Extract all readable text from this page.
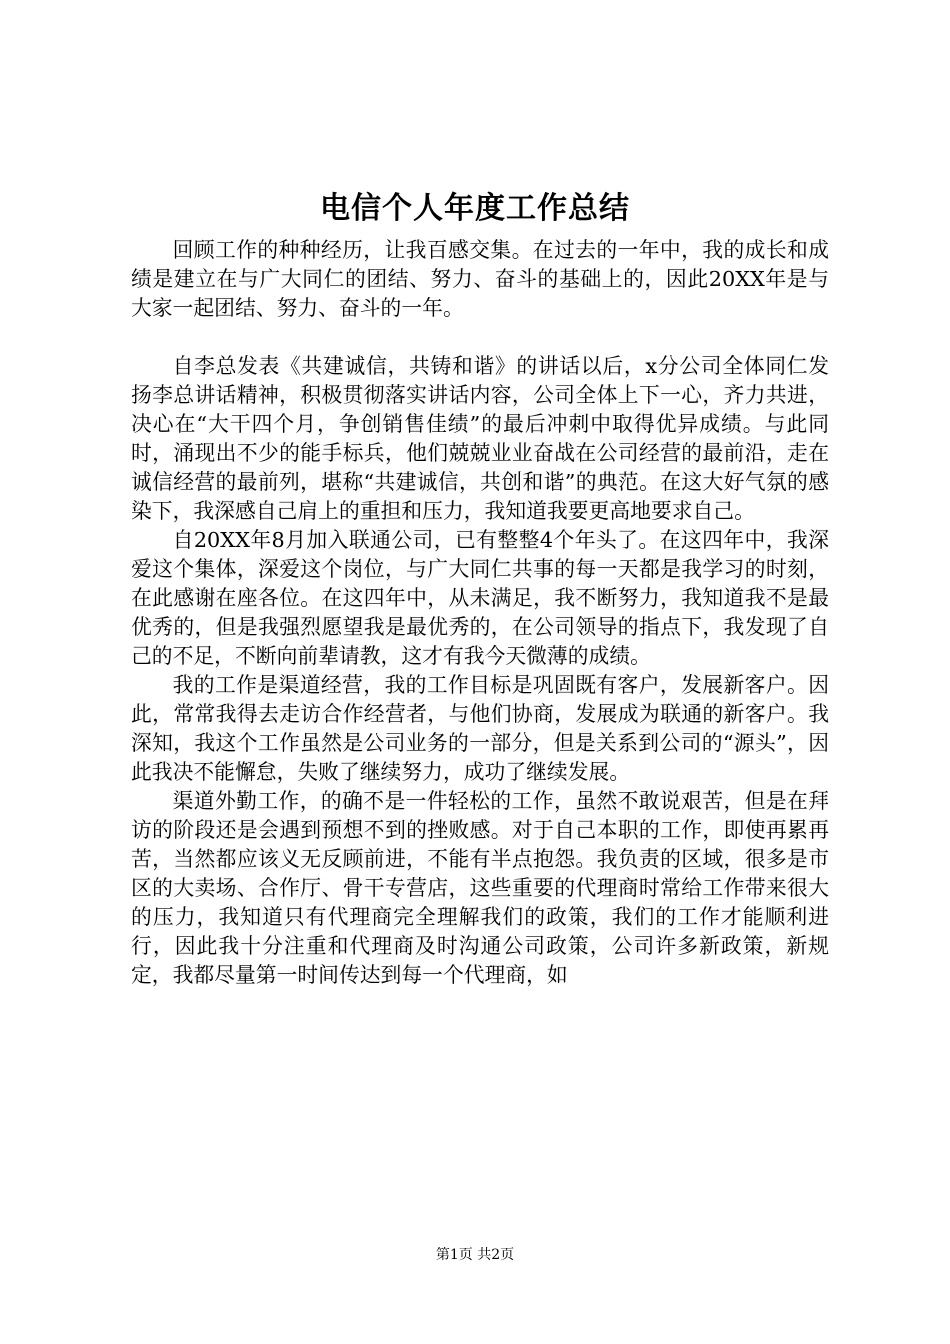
电信个人年度工作总结

回顾工作的种种经历，让我百感交集。在过去的一年中，我的成长和成绩是建立在与广大同仁的团结、努力、奋斗的基础上的，因此20XX年是与大家一起团结、努力、奋斗的一年。

自李总发表《共建诚信，共铸和谐》的讲话以后，x分公司全体同仁发扬李总讲话精神，积极贯彻落实讲话内容，公司全体上下一心，齐力共进，决心在“大干四个月，争创销售佳绩”的最后冲刺中取得优异成绩。与此同时，涌现出不少的能手标兵，他们兢兢业业奋战在公司经营的最前沿，走在诚信经营的最前列，堪称“共建诚信，共创和谐”的典范。在这大好气氛的感染下，我深感自己肩上的重担和压力，我知道我要更高地要求自己。

自20XX年8月加入联通公司，已有整整4个年头了。在这四年中，我深爱这个集体，深爱这个岗位，与广大同仁共事的每一天都是我学习的时刻，在此感谢在座各位。在这四年中，从未满足，我不断努力，我知道我不是最优秀的，但是我强烈愿望我是最优秀的，在公司领导的指点下，我发现了自己的不足，不断向前辈请教，这才有我今天微薄的成绩。

我的工作是渠道经营，我的工作目标是巩固既有客户，发展新客户。因此，常常我得去走访合作经营者，与他们协商，发展成为联通的新客户。我深知，我这个工作虽然是公司业务的一部分，但是关系到公司的“源头”，因此我决不能懈怠，失败了继续努力，成功了继续发展。

渠道外勤工作，的确不是一件轻松的工作，虽然不敢说艰苦，但是在拜访的阶段还是会遇到预想不到的挫败感。对于自己本职的工作，即使再累再苦，当然都应该义无反顾前进，不能有半点抱怨。我负责的区域，很多是市区的大卖场、合作厅、骨干专营店，这些重要的代理商时常给工作带来很大的压力，我知道只有代理商完全理解我们的政策，我们的工作才能顺利进行，因此我十分注重和代理商及时沟通公司政策，公司许多新政策，新规定，我都尽量第一时间传达到每一个代理商，如

第1页 共2页
